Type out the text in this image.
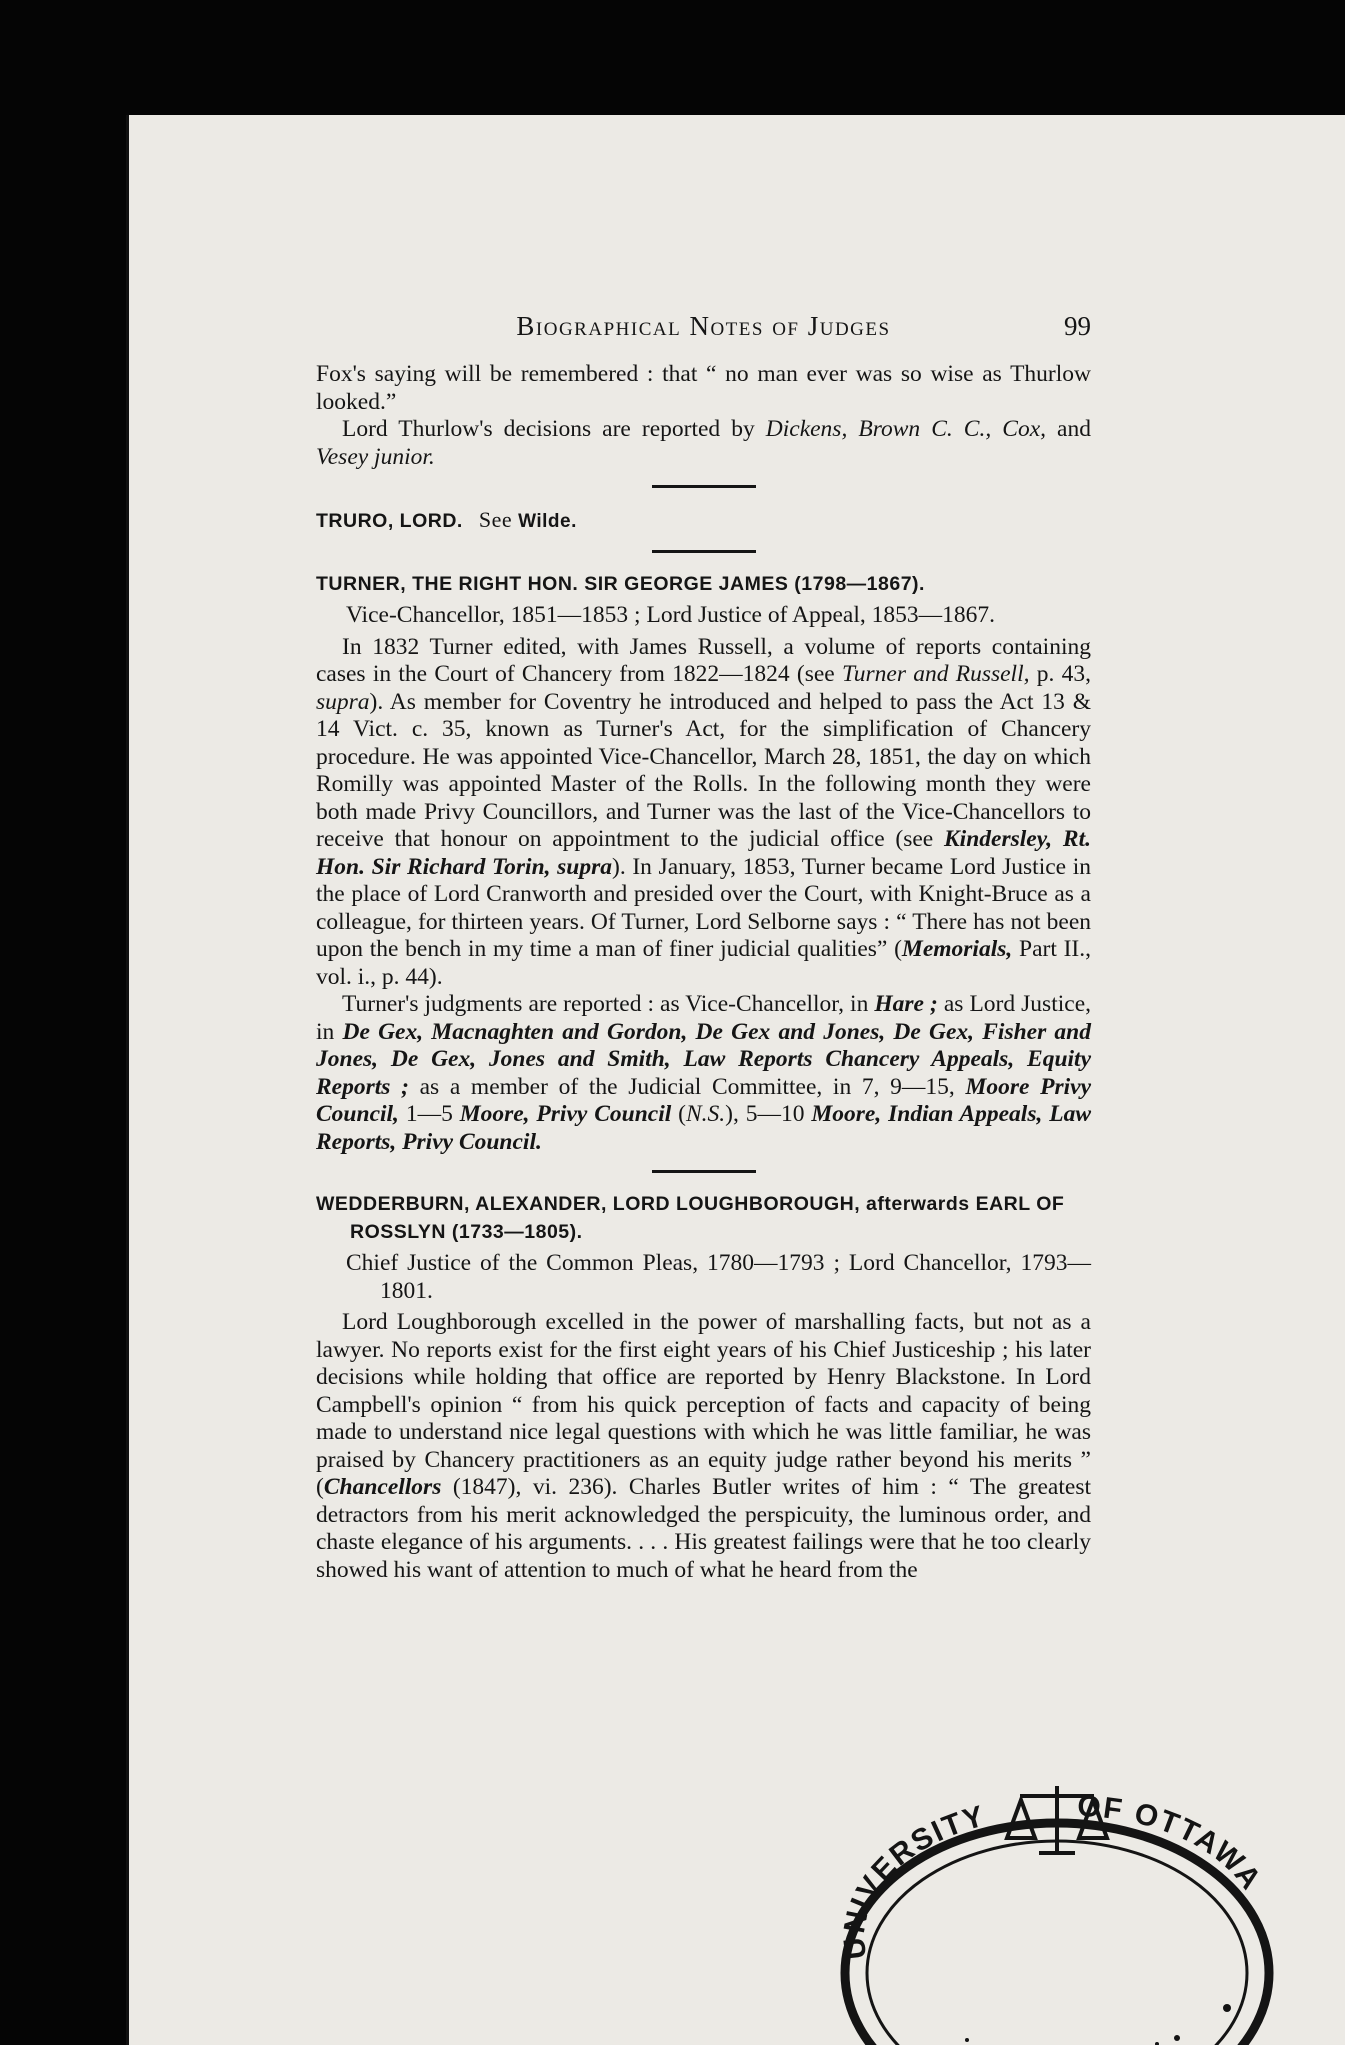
Biographical Notes of Judges	99

Fox's saying will be remembered : that “ no man ever was so wise as Thurlow looked.”

Lord Thurlow's decisions are reported by Dickens, Brown C. C., Cox, and Vesey junior.

TRURO, LORD. See Wilde.

TURNER, THE RIGHT HON. SIR GEORGE JAMES (1798—1867).

Vice-Chancellor, 1851—1853 ; Lord Justice of Appeal, 1853—1867.

In 1832 Turner edited, with James Russell, a volume of reports containing cases in the Court of Chancery from 1822—1824 (see Turner and Russell, p. 43, supra). As member for Coventry he introduced and helped to pass the Act 13 & 14 Vict. c. 35, known as Turner's Act, for the simplification of Chancery procedure. He was appointed Vice-Chancellor, March 28, 1851, the day on which Romilly was appointed Master of the Rolls. In the following month they were both made Privy Councillors, and Turner was the last of the Vice-Chancellors to receive that honour on appointment to the judicial office (see Kindersley, Rt. Hon. Sir Richard Torin, supra). In January, 1853, Turner became Lord Justice in the place of Lord Cranworth and presided over the Court, with Knight-Bruce as a colleague, for thirteen years. Of Turner, Lord Selborne says : “ There has not been upon the bench in my time a man of finer judicial qualities” (Memorials, Part II., vol. i., p. 44).

Turner's judgments are reported : as Vice-Chancellor, in Hare ; as Lord Justice, in De Gex, Macnaghten and Gordon, De Gex and Jones, De Gex, Fisher and Jones, De Gex, Jones and Smith, Law Reports Chancery Appeals, Equity Reports ; as a member of the Judicial Committee, in 7, 9—15, Moore Privy Council, 1—5 Moore, Privy Council (N.S.), 5—10 Moore, Indian Appeals, Law Reports, Privy Council.

WEDDERBURN, ALEXANDER, LORD LOUGHBOROUGH, afterwards EARL OF ROSSLYN (1733—1805).

Chief Justice of the Common Pleas, 1780—1793 ; Lord Chancellor, 1793—1801.

Lord Loughborough excelled in the power of marshalling facts, but not as a lawyer. No reports exist for the first eight years of his Chief Justiceship ; his later decisions while holding that office are reported by Henry Blackstone. In Lord Campbell's opinion “ from his quick perception of facts and capacity of being made to understand nice legal questions with which he was little familiar, he was praised by Chancery practitioners as an equity judge rather beyond his merits ” (Chancellors (1847), vi. 236). Charles Butler writes of him : “ The greatest detractors from his merit acknowledged the perspicuity, the luminous order, and chaste elegance of his arguments. . . . His greatest failings were that he too clearly showed his want of attention to much of what he heard from the

UNIVERSITY	OF OTTAWA
